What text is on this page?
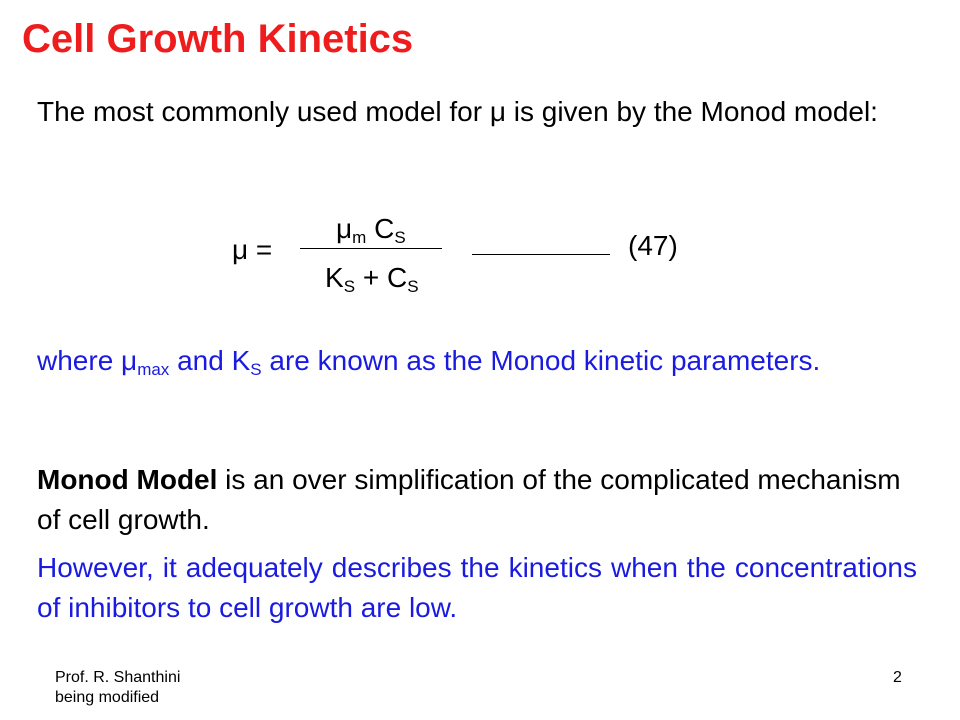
Cell Growth Kinetics
The most commonly used model for μ is given by the Monod model:
μ =
$\mu_m$ $C_S$
$K_S + C_S$
(47)
where $\mu_{max}$ and $K_S$ are known as the Monod kinetic parameters.
Monod Model is an over simplification of the complicated mechanism of cell growth.
However, it adequately describes the kinetics when the concentrations of inhibitors to cell growth are low.
Prof. R. Shanthini
being modified
2
